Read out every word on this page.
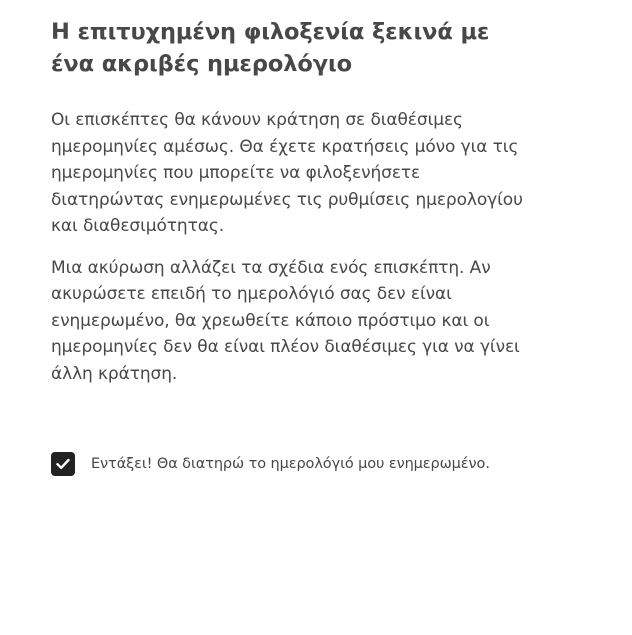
Η επιτυχημένη φιλοξενία ξεκινά με ένα ακριβές ημερολόγιο

Οι επισκέπτες θα κάνουν κράτηση σε διαθέσιμες ημερομηνίες αμέσως. Θα έχετε κρατήσεις μόνο για τις ημερομηνίες που μπορείτε να φιλοξενήσετε διατηρώντας ενημερωμένες τις ρυθμίσεις ημερολογίου και διαθεσιμότητας.

Μια ακύρωση αλλάζει τα σχέδια ενός επισκέπτη. Αν ακυρώσετε επειδή το ημερολόγιό σας δεν είναι ενημερωμένο, θα χρεωθείτε κάποιο πρόστιμο και οι ημερομηνίες δεν θα είναι πλέον διαθέσιμες για να γίνει άλλη κράτηση.

Εντάξει! Θα διατηρώ το ημερολόγιό μου ενημερωμένο.
